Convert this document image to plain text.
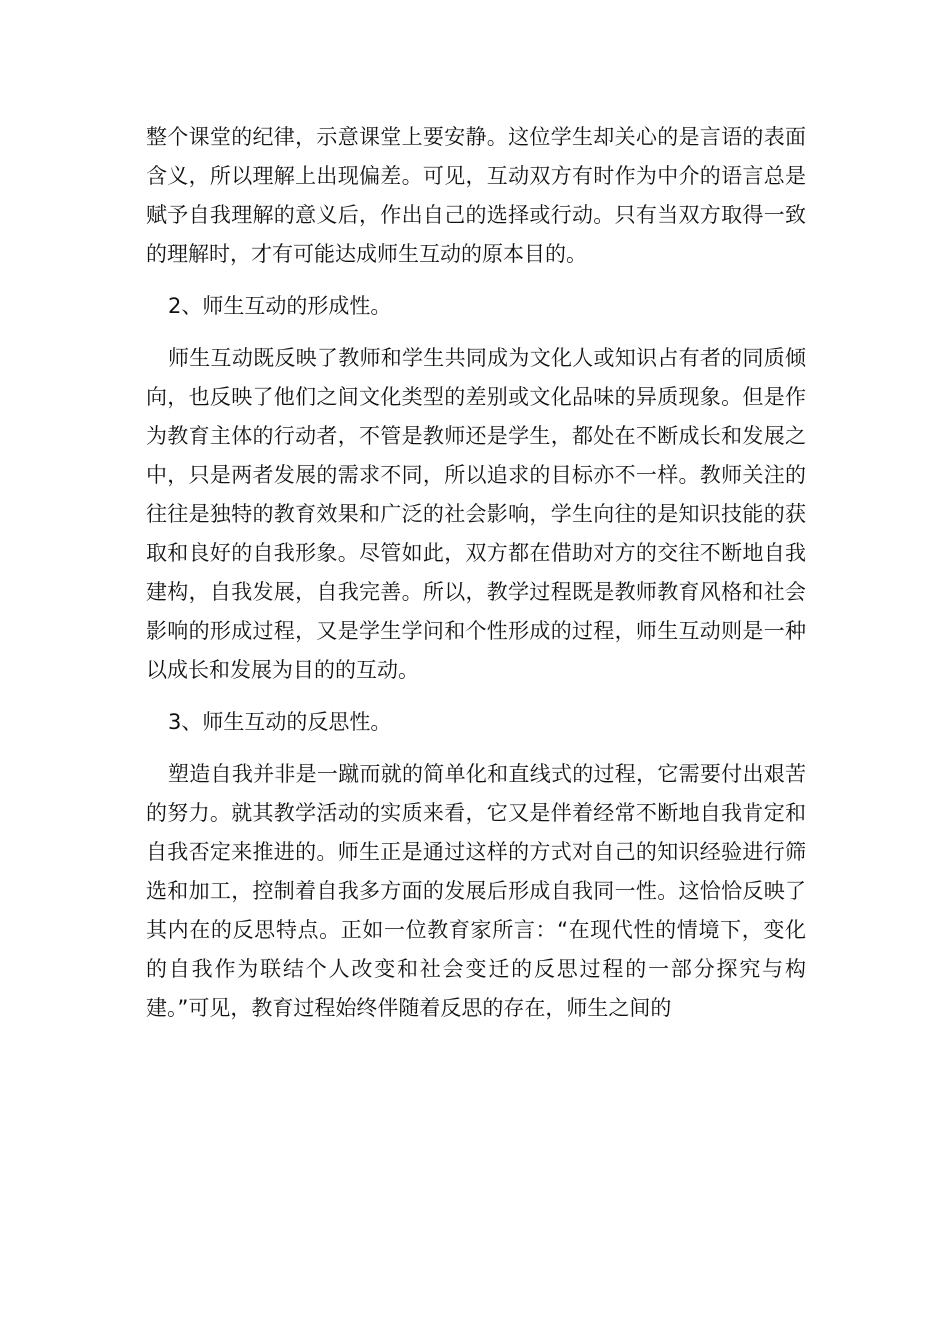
整个课堂的纪律，示意课堂上要安静。这位学生却关心的是言语的表面含义，所以理解上出现偏差。可见，互动双方有时作为中介的语言总是赋予自我理解的意义后，作出自己的选择或行动。只有当双方取得一致的理解时，才有可能达成师生互动的原本目的。

2、师生互动的形成性。

师生互动既反映了教师和学生共同成为文化人或知识占有者的同质倾向，也反映了他们之间文化类型的差别或文化品味的异质现象。但是作为教育主体的行动者，不管是教师还是学生，都处在不断成长和发展之中，只是两者发展的需求不同，所以追求的目标亦不一样。教师关注的往往是独特的教育效果和广泛的社会影响，学生向往的是知识技能的获取和良好的自我形象。尽管如此，双方都在借助对方的交往不断地自我建构，自我发展，自我完善。所以，教学过程既是教师教育风格和社会影响的形成过程，又是学生学问和个性形成的过程，师生互动则是一种以成长和发展为目的的互动。

3、师生互动的反思性。

塑造自我并非是一蹴而就的简单化和直线式的过程，它需要付出艰苦的努力。就其教学活动的实质来看，它又是伴着经常不断地自我肯定和自我否定来推进的。师生正是通过这样的方式对自己的知识经验进行筛选和加工，控制着自我多方面的发展后形成自我同一性。这恰恰反映了其内在的反思特点。正如一位教育家所言：“在现代性的情境下，变化的自我作为联结个人改变和社会变迁的反思过程的一部分探究与构建。”可见，教育过程始终伴随着反思的存在，师生之间的
